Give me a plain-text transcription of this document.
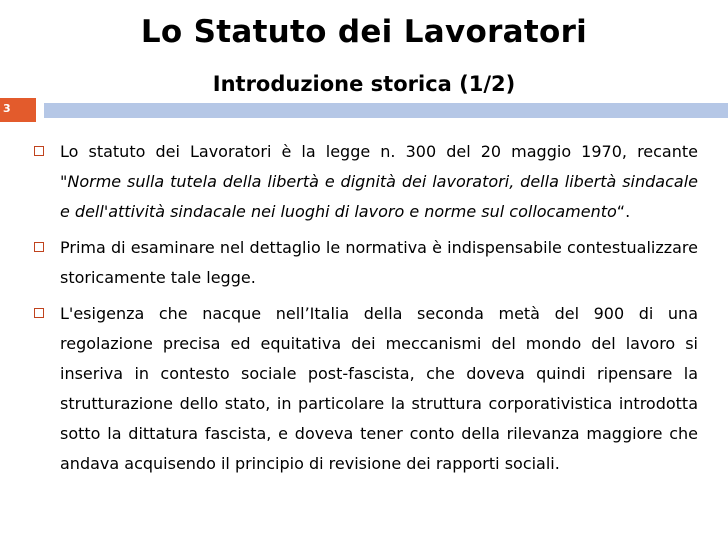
Lo Statuto dei Lavoratori
Introduzione storica (1/2)
3
Lo statuto dei Lavoratori è la legge n. 300 del 20 maggio 1970, recante "Norme sulla tutela della libertà e dignità dei lavoratori, della libertà sindacale e dell'attività sindacale nei luoghi di lavoro e norme sul collocamento“.
Prima di esaminare nel dettaglio le normativa è indispensabile contestualizzare storicamente tale legge.
L'esigenza che nacque nell’Italia della seconda metà del 900 di una regolazione precisa ed equitativa dei meccanismi del mondo del lavoro si inseriva in contesto sociale post-fascista, che doveva quindi ripensare la strutturazione dello stato, in particolare la struttura corporativistica introdotta sotto la dittatura fascista, e doveva tener conto della rilevanza maggiore che andava acquisendo il principio di revisione dei rapporti sociali.
